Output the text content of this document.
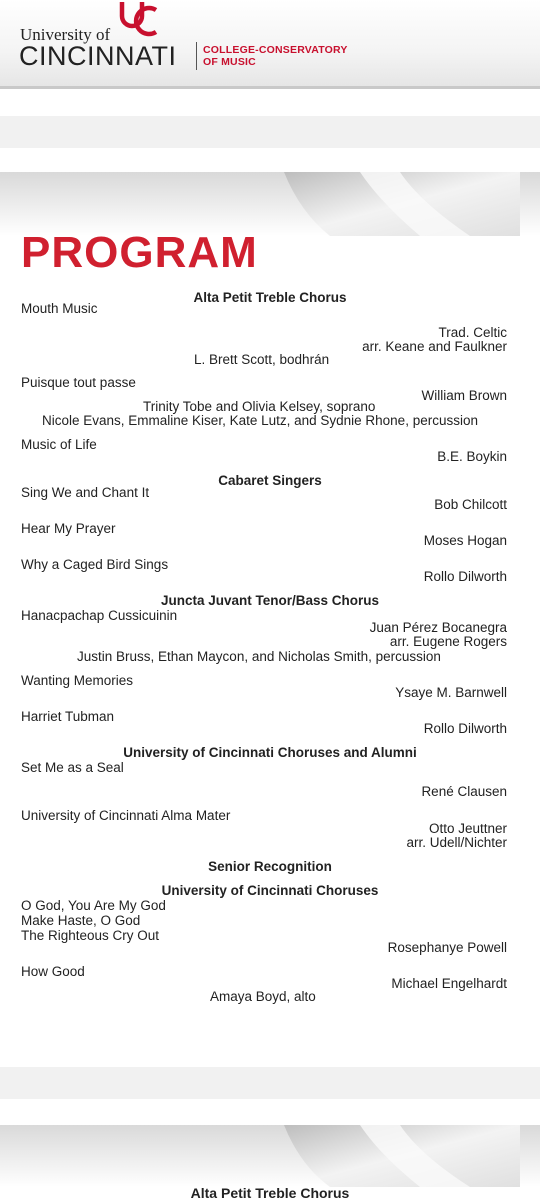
University of
CINCINNATI	COLLEGE-CONSERVATORY
OF MUSIC
PROGRAM
Alta Petit Treble Chorus
Mouth Music
Trad. Celtic
arr. Keane and Faulkner
L. Brett Scott, bodhrán
Puisque tout passe
William Brown
Trinity Tobe and Olivia Kelsey, soprano
Nicole Evans, Emmaline Kiser, Kate Lutz, and Sydnie Rhone, percussion
Music of Life
B.E. Boykin
Cabaret Singers
Sing We and Chant It
Bob Chilcott
Hear My Prayer
Moses Hogan
Why a Caged Bird Sings
Rollo Dilworth
Juncta Juvant Tenor/Bass Chorus
Hanacpachap Cussicuinin
Juan Pérez Bocanegra
arr. Eugene Rogers
Justin Bruss, Ethan Maycon, and Nicholas Smith, percussion
Wanting Memories
Ysaye M. Barnwell
Harriet Tubman
Rollo Dilworth
University of Cincinnati Choruses and Alumni
Set Me as a Seal
René Clausen
University of Cincinnati Alma Mater
Otto Jeuttner
arr. Udell/Nichter
Senior Recognition
University of Cincinnati Choruses
O God, You Are My God
Make Haste, O God
The Righteous Cry Out
Rosephanye Powell
How Good
Michael Engelhardt
Amaya Boyd, alto
Alta Petit Treble Chorus
